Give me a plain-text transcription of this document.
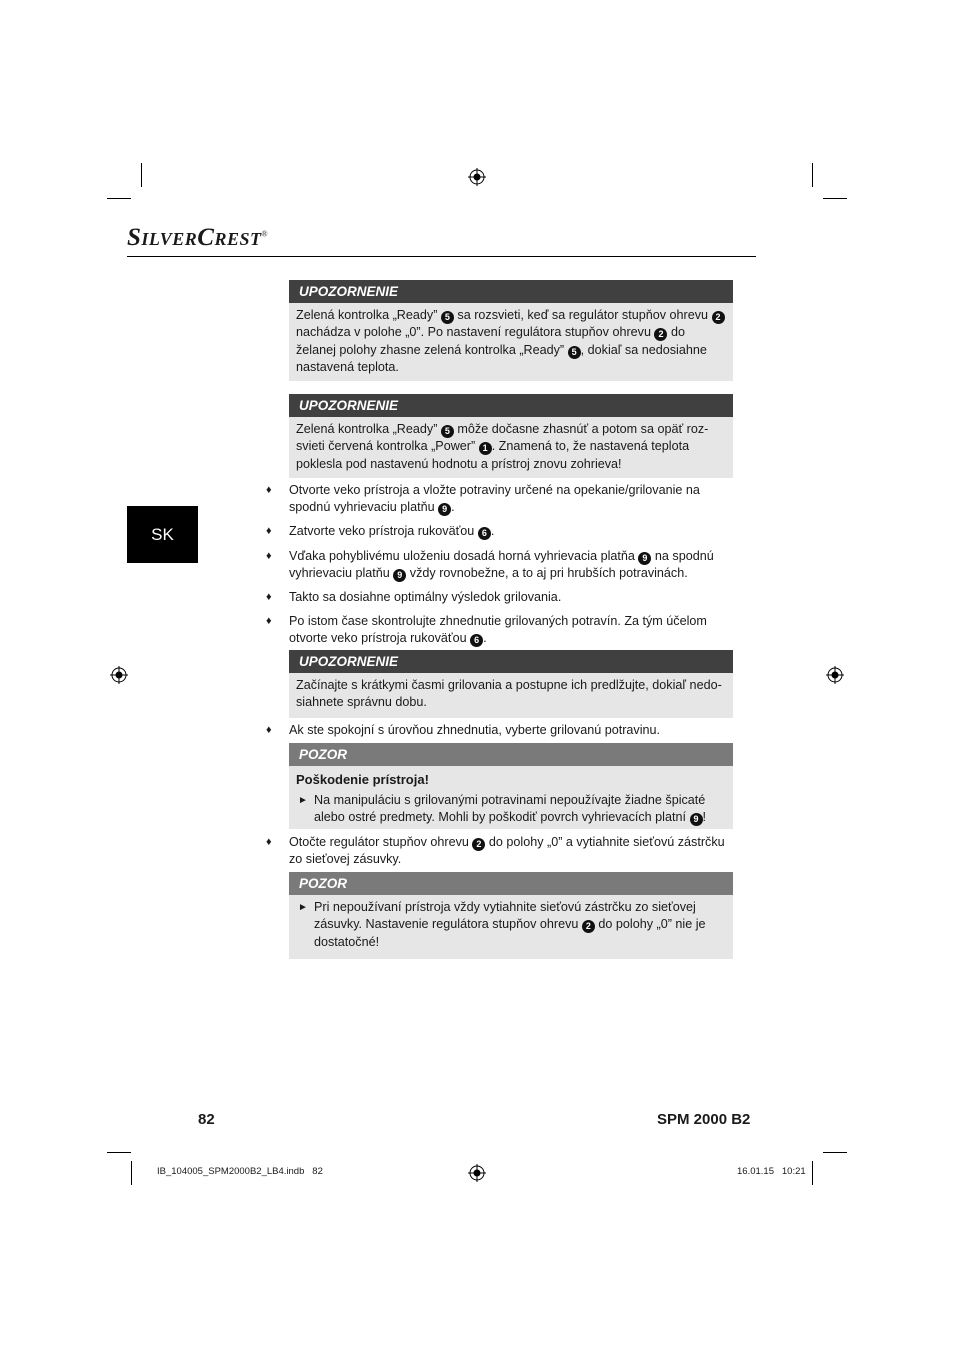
SILVERCREST®
SK
UPOZORNENIE
Zelená kontrolka „Ready” 5 sa rozsvieti, keď sa regulátor stupňov ohrevu 2 nachádza v polohe „0”. Po nastavení regulátora stupňov ohrevu 2 do želanej polohy zhasne zelená kontrolka „Ready” 5 , dokiaľ sa nedosiahne nastavená teplota.
UPOZORNENIE
Zelená kontrolka „Ready” 5 môže dočasne zhasnúť a potom sa opäť roz-svieti červená kontrolka „Power” 1 . Znamená to, že nastavená teplota poklesla pod nastavenú hodnotu a prístroj znovu zohrieva!
♦ Otvorte veko prístroja a vložte potraviny určené na opekanie/grilovanie na spodnú vyhrievaciu platňu 9 .
♦ Zatvorte veko prístroja rukoväťou 6 .
♦ Vďaka pohyblivému uloženiu dosadá horná vyhrievacia platňa 9 na spodnú vyhrievaciu platňu 9 vždy rovnobežne, a to aj pri hrubších potravinách.
♦ Takto sa dosiahne optimálny výsledok grilovania.
♦ Po istom čase skontrolujte zhnednutie grilovaných potravín. Za tým účelom otvorte veko prístroja rukoväťou 6 .
UPOZORNENIE
Začínajte s krátkymi časmi grilovania a postupne ich predlžujte, dokiaľ nedo-siahnete správnu dobu.
♦ Ak ste spokojní s úrovňou zhnednutia, vyberte grilovanú potravinu.
POZOR
Poškodenie prístroja!
► Na manipuláciu s grilovanými potravinami nepoužívajte žiadne špicaté alebo ostré predmety. Mohli by poškodiť povrch vyhrievacích platní 9 !
♦ Otočte regulátor stupňov ohrevu 2 do polohy „0” a vytiahnite sieťovú zástrčku zo sieťovej zásuvky.
POZOR
► Pri nepoužívaní prístroja vždy vytiahnite sieťovú zástrčku zo sieťovej zásuvky. Nastavenie regulátora stupňov ohrevu 2 do polohy „0” nie je dostatočné!
82	SPM 2000 B2
IB_104005_SPM2000B2_LB4.indb   82	16.01.15   10:21
